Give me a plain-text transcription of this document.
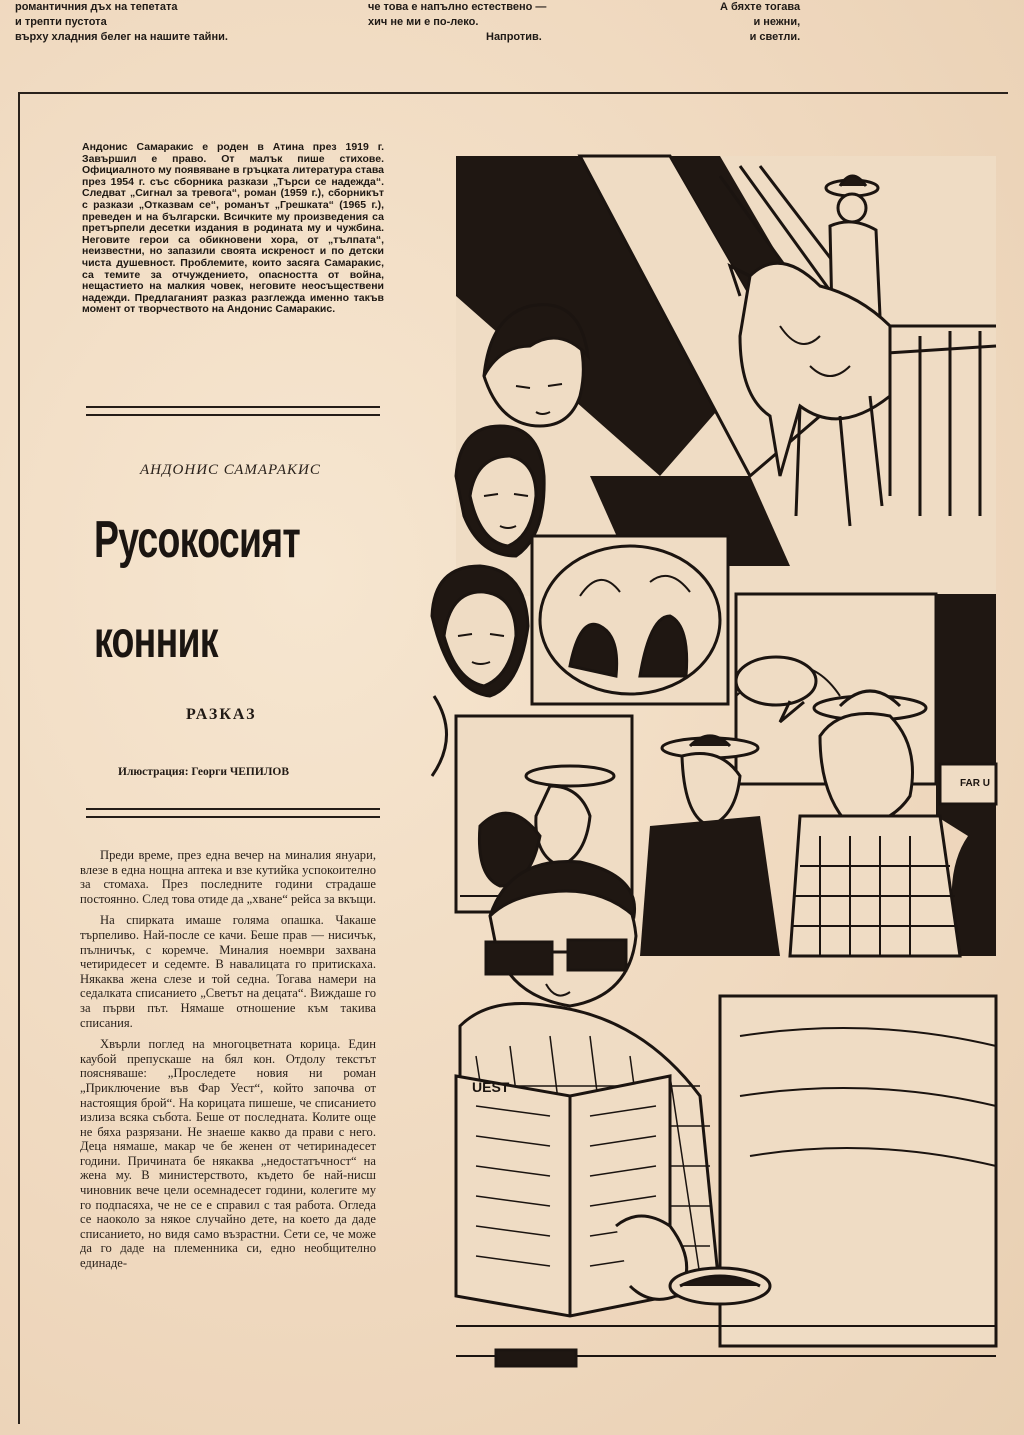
романтичния дъх на тепетата
и трепти пустота
върху хладния белег на нашите тайни.
че това е напълно естествено —
хич не ми е по-леко.
Напротив.
А бяхте тогава
и нежни,
и светли.
Андонис Самаракис е роден в Атина през 1919 г. Завършил е право. От малък пише стихове. Официалното му появяване в гръцката литература става през 1954 г. със сборника разкази „Търси се надежда“. Следват „Сигнал за тревога“, роман (1959 г.), сборникът с разкази „Отказвам се“, романът „Грешката“ (1965 г.), преведен и на български. Всичките му произведения са претърпели десетки издания в родината му и чужбина. Неговите герои са обикновени хора, от „тълпата“, неизвестни, но запазили своята искреност и по детски чиста душевност. Проблемите, които засяга Самаракис, са темите за отчуждението, опасността от война, нещастието на малкия човек, неговите неосъществени надежди. Предлаганият разказ разглежда именно такъв момент от творчеството на Андонис Самаракис.
АНДОНИС САМАРАКИС
Русокосият
конник
РАЗКАЗ
Илюстрация: Георги ЧЕПИЛОВ

Преди време, през една вечер на миналия януари, влезе в една нощна аптека и взе кутийка успокоително за стомаха. През последните години страдаше постоянно. След това отиде да „хване“ рейса за вкъщи.

На спирката имаше голяма опашка. Чакаше търпеливо. Най-после се качи. Беше прав — нисичък, пълничък, с коремче. Миналия ноември захвана четиридесет и седемте. В навалицата го притискаха. Някаква жена слезе и той седна. Тогава намери на седалката списанието „Светът на децата“. Виждаше го за първи път. Нямаше отношение към такива списания.

Хвърли поглед на многоцветната корица. Един каубой препускаше на бял кон. Отдолу текстът поясняваше: „Проследете новия ни роман „Приключение във Фар Уест“, който започва от настоящия брой“. На корицата пишеше, че списанието излиза всяка събота. Беше от последната. Колите още не бяха разрязани. Не знаеше какво да прави с него. Деца нямаше, макар че бе женен от четиринадесет години. Причината бе някаква „недостатъчност“ на жена му. В министерството, където бе най-нисш чиновник вече цели осемнадесет години, колегите му го подпасяха, че не се е справил с тая работа. Огледа се наоколо за някое случайно дете, на което да даде списанието, но видя само възрастни. Сети се, че може да го даде на племенника си, едно необщително единаде-

FAR U
UEST
